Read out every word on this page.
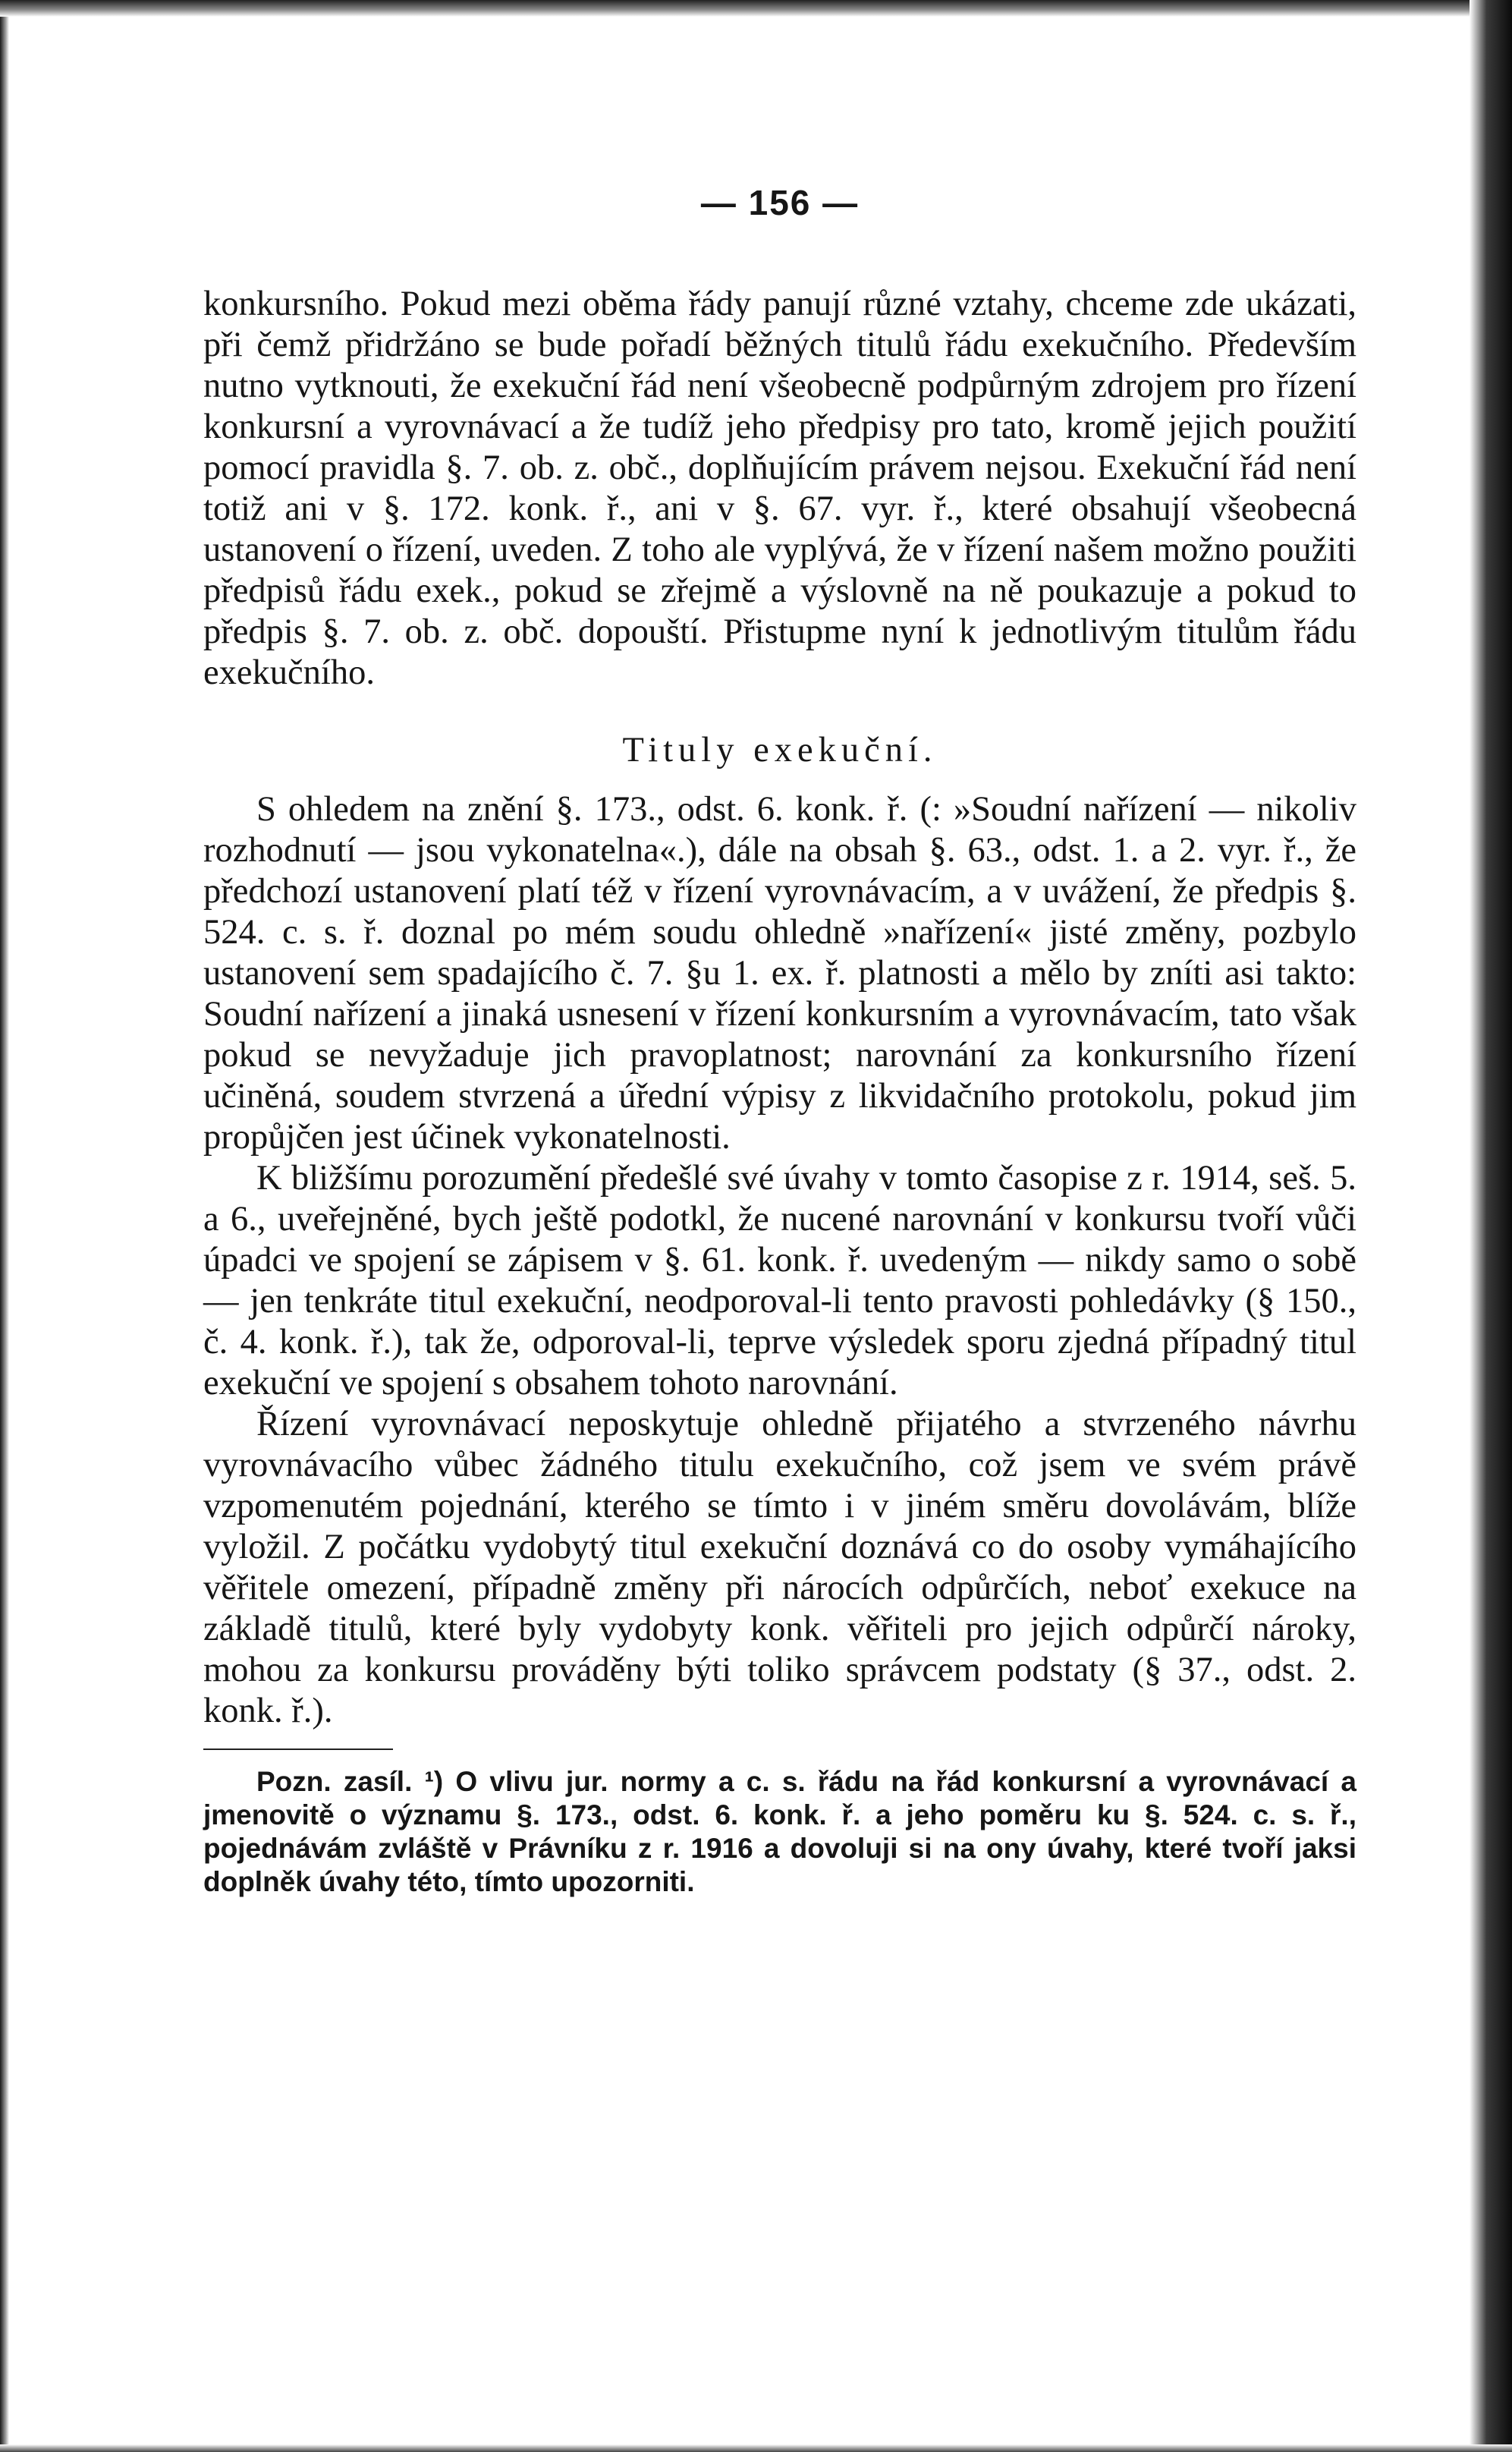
— 156 —

konkursního. Pokud mezi oběma řády panují různé vztahy, chceme zde ukázati, při čemž přidržáno se bude pořadí běžných titulů řádu exekučního. Především nutno vytknouti, že exekuční řád není všeobecně podpůrným zdrojem pro řízení konkursní a vyrovnávací a že tudíž jeho předpisy pro tato, kromě jejich použití pomocí pravidla §. 7. ob. z. obč., doplňujícím právem nejsou. Exekuční řád není totiž ani v §. 172. konk. ř., ani v §. 67. vyr. ř., které obsahují všeobecná ustanovení o řízení, uveden. Z toho ale vyplývá, že v řízení našem možno použiti předpisů řádu exek., pokud se zřejmě a výslovně na ně poukazuje a pokud to předpis §. 7. ob. z. obč. dopouští. Přistupme nyní k jednotlivým titulům řádu exekučního.

Tituly exekuční.

S ohledem na znění §. 173., odst. 6. konk. ř. (: »Soudní nařízení — nikoliv rozhodnutí — jsou vykonatelna«.), dále na obsah §. 63., odst. 1. a 2. vyr. ř., že předchozí ustanovení platí též v řízení vyrovnávacím, a v uvážení, že předpis §. 524. c. s. ř. doznal po mém soudu ohledně »nařízení« jisté změny, pozbylo ustanovení sem spadajícího č. 7. §u 1. ex. ř. platnosti a mělo by zníti asi takto: Soudní nařízení a jinaká usnesení v řízení konkursním a vyrovnávacím, tato však pokud se nevyžaduje jich pravoplatnost; narovnání za konkursního řízení učiněná, soudem stvrzená a úřední výpisy z likvidačního protokolu, pokud jim propůjčen jest účinek vykonatelnosti.

K bližšímu porozumění předešlé své úvahy v tomto časopise z r. 1914, seš. 5. a 6., uveřejněné, bych ještě podotkl, že nucené narovnání v konkursu tvoří vůči úpadci ve spojení se zápisem v §. 61. konk. ř. uvedeným — nikdy samo o sobě — jen tenkráte titul exekuční, neodporoval-li tento pravosti pohledávky (§ 150., č. 4. konk. ř.), tak že, odporoval-li, teprve výsledek sporu zjedná případný titul exekuční ve spojení s obsahem tohoto narovnání.

Řízení vyrovnávací neposkytuje ohledně přijatého a stvrzeného návrhu vyrovnávacího vůbec žádného titulu exekučního, což jsem ve svém právě vzpomenutém pojednání, kterého se tímto i v jiném směru dovolávám, blíže vyložil. Z počátku vydobytý titul exekuční doznává co do osoby vymáhajícího věřitele omezení, případně změny při nárocích odpůrčích, neboť exekuce na základě titulů, které byly vydobyty konk. věřiteli pro jejich odpůrčí nároky, mohou za konkursu prováděny býti toliko správcem podstaty (§ 37., odst. 2. konk. ř.).

Pozn. zasíl. ¹) O vlivu jur. normy a c. s. řádu na řád konkursní a vyrovnávací a jmenovitě o významu §. 173., odst. 6. konk. ř. a jeho poměru ku §. 524. c. s. ř., pojednávám zvláště v Právníku z r. 1916 a dovoluji si na ony úvahy, které tvoří jaksi doplněk úvahy této, tímto upozorniti.
